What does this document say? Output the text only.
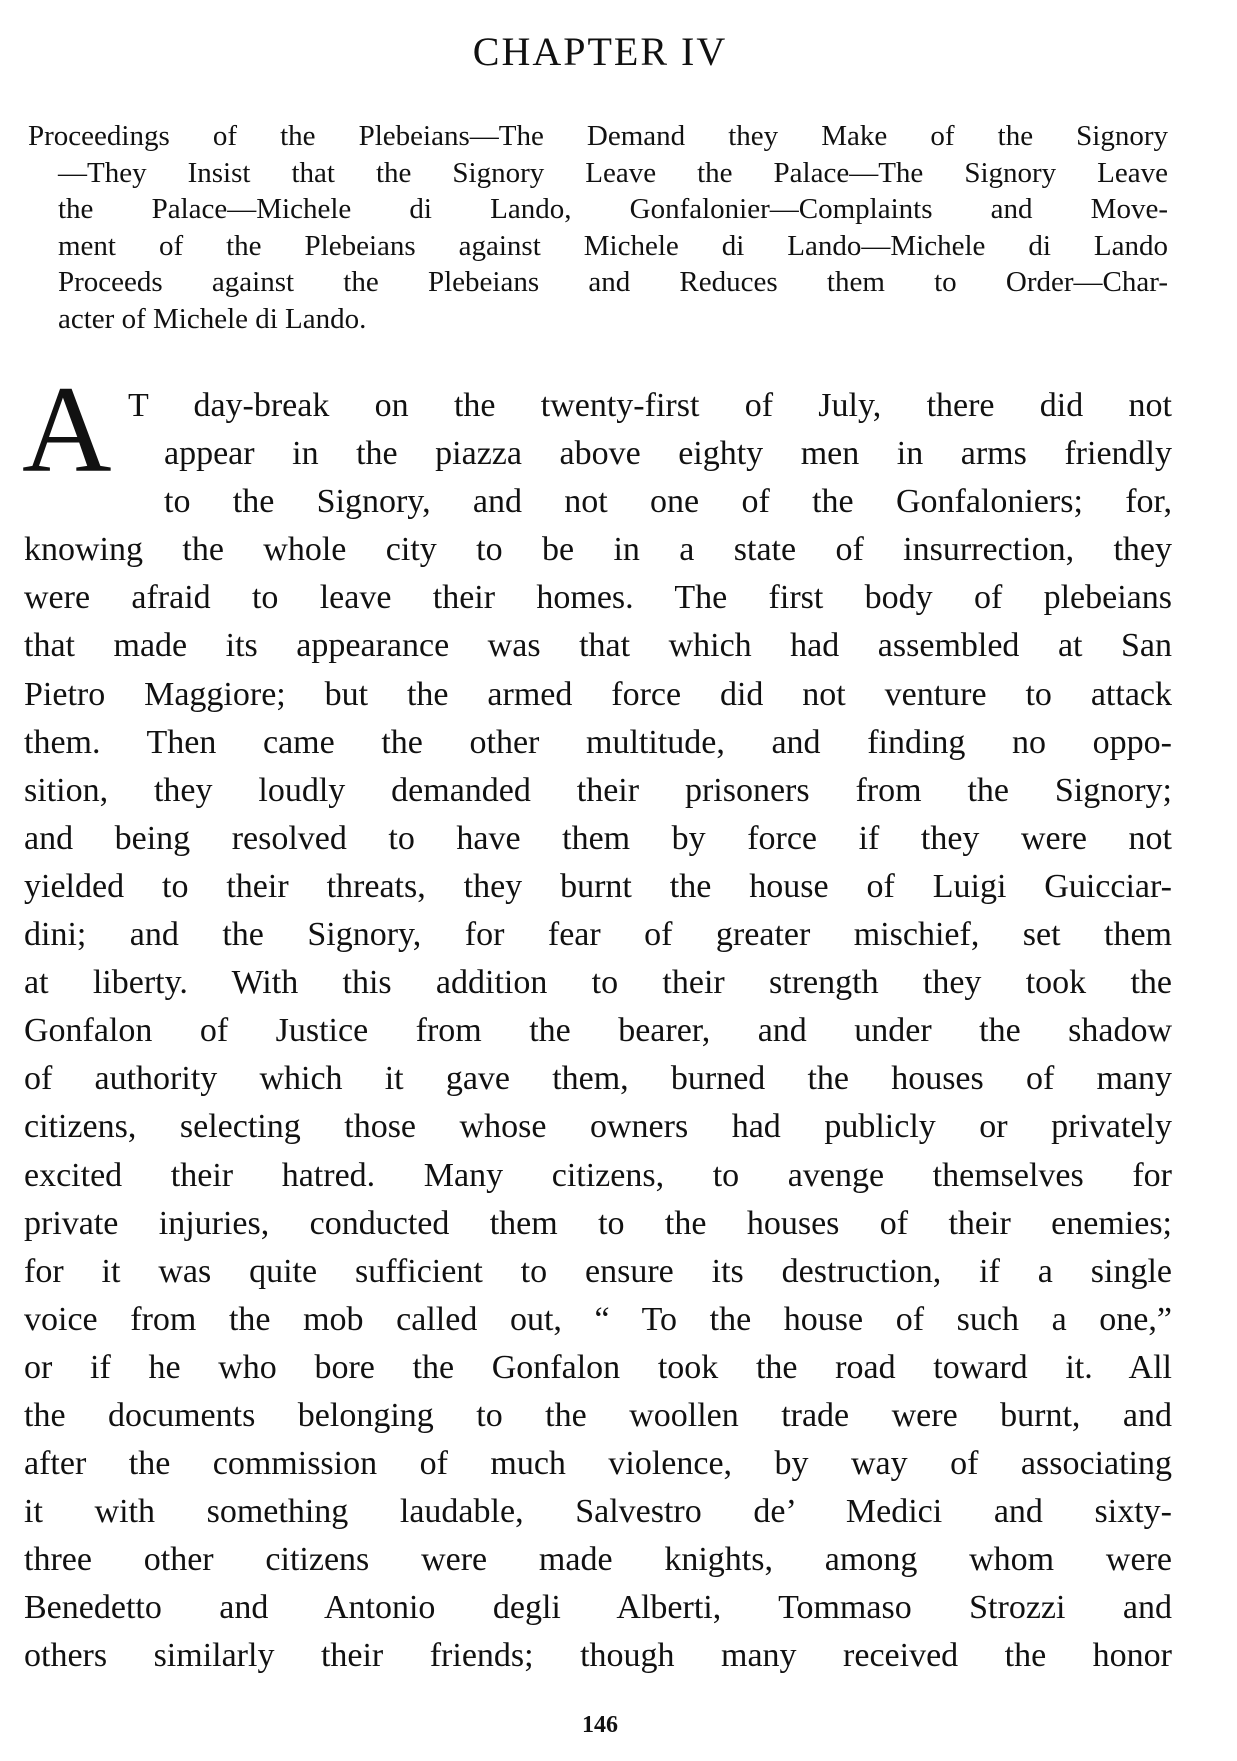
CHAPTER IV
Proceedings of the Plebeians—The Demand they Make of the Signory
—They Insist that the Signory Leave the Palace—The Signory Leave
the Palace—Michele di Lando, Gonfalonier—Complaints and Move-
ment of the Plebeians against Michele di Lando—Michele di Lando
Proceeds against the Plebeians and Reduces them to Order—Char-
acter of Michele di Lando.
A T day-break on the twenty-first of July, there did not
appear in the piazza above eighty men in arms friendly
to the Signory, and not one of the Gonfaloniers; for,
knowing the whole city to be in a state of insurrection, they
were afraid to leave their homes. The first body of plebeians
that made its appearance was that which had assembled at San
Pietro Maggiore; but the armed force did not venture to attack
them. Then came the other multitude, and finding no oppo-
sition, they loudly demanded their prisoners from the Signory;
and being resolved to have them by force if they were not
yielded to their threats, they burnt the house of Luigi Guicciar-
dini; and the Signory, for fear of greater mischief, set them
at liberty. With this addition to their strength they took the
Gonfalon of Justice from the bearer, and under the shadow
of authority which it gave them, burned the houses of many
citizens, selecting those whose owners had publicly or privately
excited their hatred. Many citizens, to avenge themselves for
private injuries, conducted them to the houses of their enemies;
for it was quite sufficient to ensure its destruction, if a single
voice from the mob called out, “ To the house of such a one,”
or if he who bore the Gonfalon took the road toward it. All
the documents belonging to the woollen trade were burnt, and
after the commission of much violence, by way of associating
it with something laudable, Salvestro de’ Medici and sixty-
three other citizens were made knights, among whom were
Benedetto and Antonio degli Alberti, Tommaso Strozzi and
others similarly their friends; though many received the honor
146
